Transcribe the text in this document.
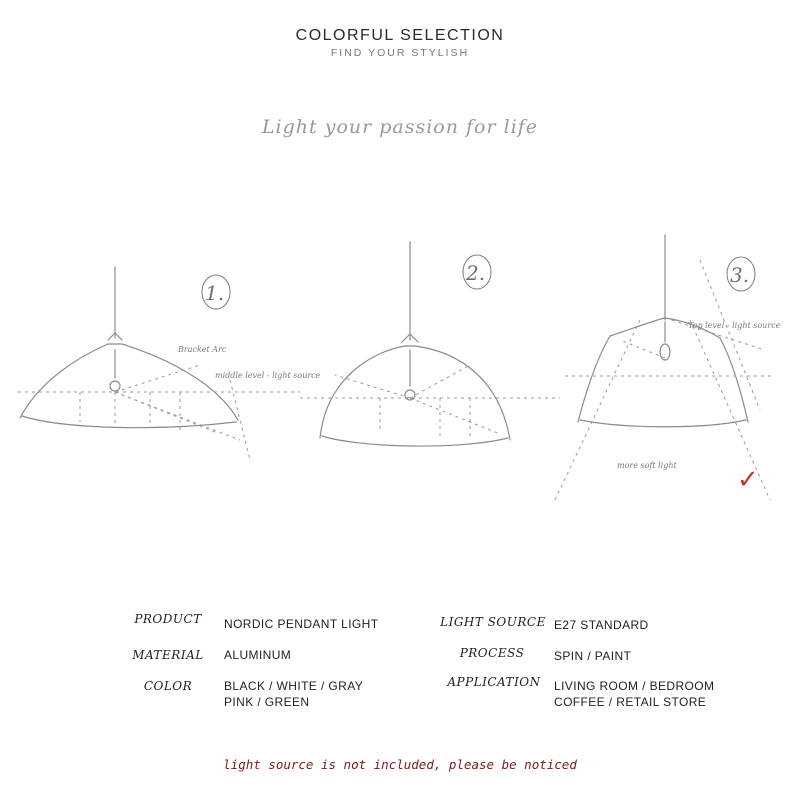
COLORFUL SELECTION
FIND YOUR STYLISH
Light your passion for life
Bracket Arc
middle level - light source
1.
2.
Top level - light source
more soft light
3.
✓
PRODUCT	NORDIC PENDANT LIGHT
MATERIAL	ALUMINUM
COLOR	BLACK / WHITE / GRAY
PINK / GREEN
LIGHT SOURCE E27 STANDARD
PROCESS	SPIN / PAINT
APPLICATION LIVING ROOM / BEDROOM
COFFEE / RETAIL STORE
light source is not included, please be noticed
